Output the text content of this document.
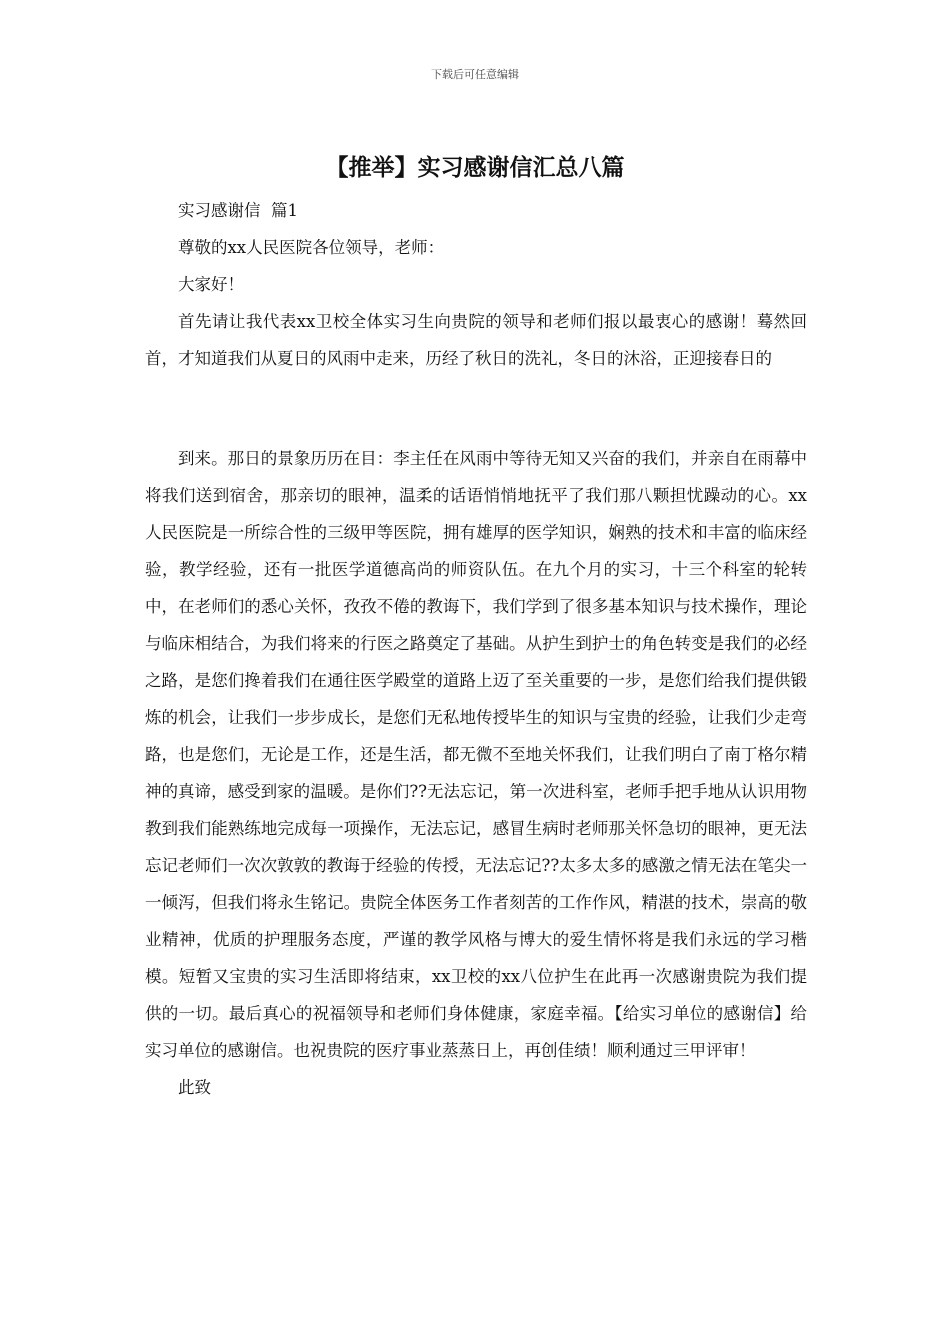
下载后可任意编辑
【推举】实习感谢信汇总八篇

实习感谢信  篇1

尊敬的xx人民医院各位领导，老师：

大家好！

首先请让我代表xx卫校全体实习生向贵院的领导和老师们报以最衷心的感谢！蓦然回首，才知道我们从夏日的风雨中走来，历经了秋日的洗礼，冬日的沐浴，正迎接春日的

到来。那日的景象历历在目：李主任在风雨中等待无知又兴奋的我们，并亲自在雨幕中将我们送到宿舍，那亲切的眼神，温柔的话语悄悄地抚平了我们那八颗担忧躁动的心。xx人民医院是一所综合性的三级甲等医院，拥有雄厚的医学知识，娴熟的技术和丰富的临床经验，教学经验，还有一批医学道德高尚的师资队伍。在九个月的实习，十三个科室的轮转中，在老师们的悉心关怀，孜孜不倦的教诲下，我们学到了很多基本知识与技术操作，理论与临床相结合，为我们将来的行医之路奠定了基础。从护生到护士的角色转变是我们的必经之路，是您们搀着我们在通往医学殿堂的道路上迈了至关重要的一步，是您们给我们提供锻炼的机会，让我们一步步成长，是您们无私地传授毕生的知识与宝贵的经验，让我们少走弯路，也是您们，无论是工作，还是生活，都无微不至地关怀我们，让我们明白了南丁格尔精神的真谛，感受到家的温暖。是你们??无法忘记，第一次进科室，老师手把手地从认识用物教到我们能熟练地完成每一项操作，无法忘记，感冒生病时老师那关怀急切的眼神，更无法忘记老师们一次次敦敦的教诲于经验的传授，无法忘记??太多太多的感激之情无法在笔尖一一倾泻，但我们将永生铭记。贵院全体医务工作者刻苦的工作作风，精湛的技术，崇高的敬业精神，优质的护理服务态度，严谨的教学风格与博大的爱生情怀将是我们永远的学习楷模。短暂又宝贵的实习生活即将结束，xx卫校的xx八位护生在此再一次感谢贵院为我们提供的一切。最后真心的祝福领导和老师们身体健康，家庭幸福。【给实习单位的感谢信】给实习单位的感谢信。也祝贵院的医疗事业蒸蒸日上，再创佳绩！顺利通过三甲评审！

此致
